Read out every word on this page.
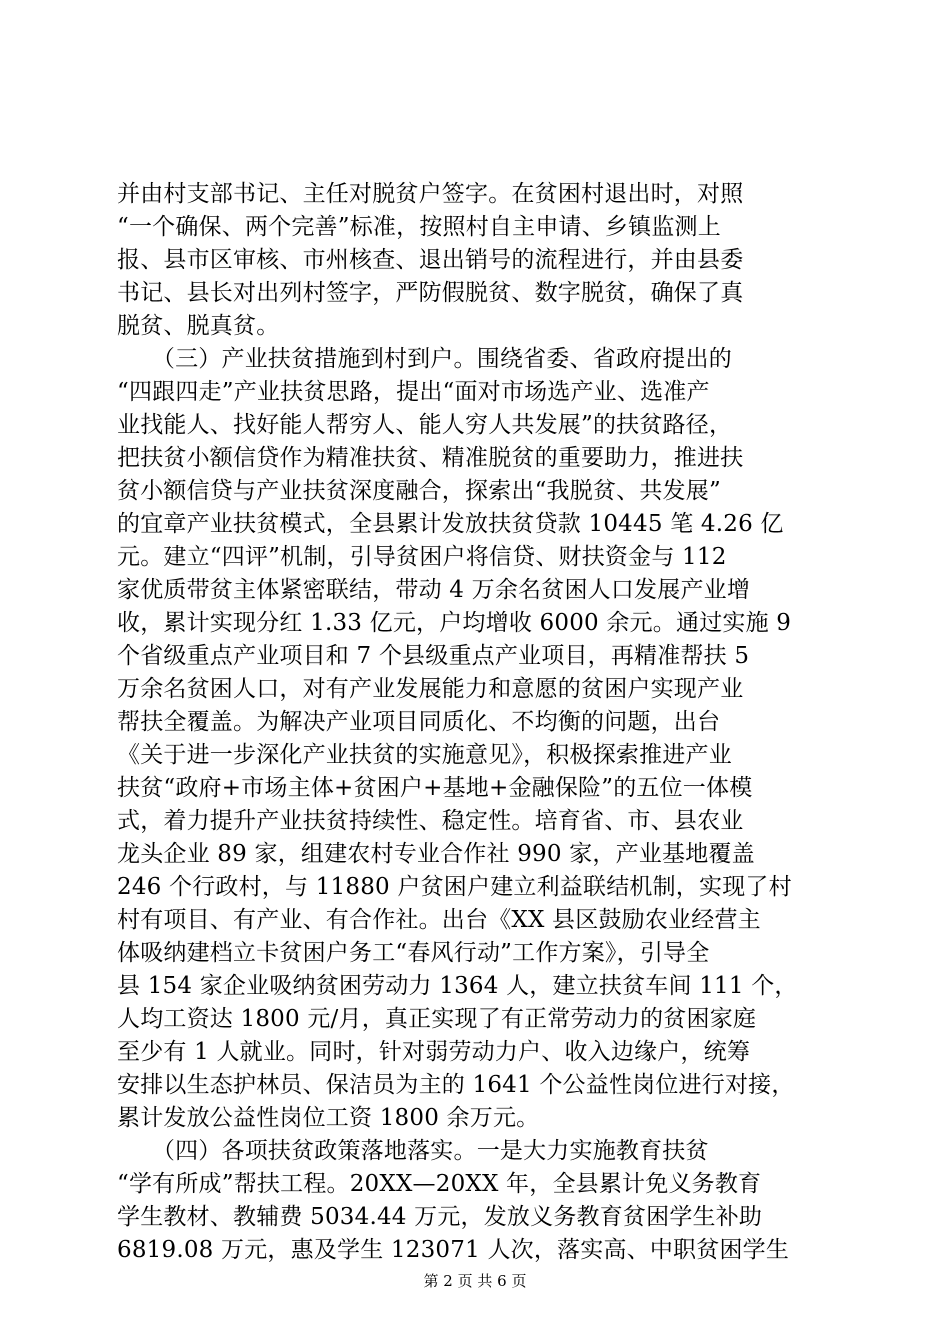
并由村支部书记、主任对脱贫户签字。在贫困村退出时，对照
“一个确保、两个完善”标准，按照村自主申请、乡镇监测上
报、县市区审核、市州核查、退出销号的流程进行，并由县委
书记、县长对出列村签字，严防假脱贫、数字脱贫，确保了真
脱贫、脱真贫。
　　（三）产业扶贫措施到村到户。围绕省委、省政府提出的
“四跟四走”产业扶贫思路，提出“面对市场选产业、选准产
业找能人、找好能人帮穷人、能人穷人共发展”的扶贫路径，
把扶贫小额信贷作为精准扶贫、精准脱贫的重要助力，推进扶
贫小额信贷与产业扶贫深度融合，探索出“我脱贫、共发展”
的宜章产业扶贫模式，全县累计发放扶贫贷款 10445 笔 4.26 亿
元。建立“四评”机制，引导贫困户将信贷、财扶资金与 112
家优质带贫主体紧密联结，带动 4 万余名贫困人口发展产业增
收，累计实现分红 1.33 亿元，户均增收 6000 余元。通过实施 9
个省级重点产业项目和 7 个县级重点产业项目，再精准帮扶 5
万余名贫困人口，对有产业发展能力和意愿的贫困户实现产业
帮扶全覆盖。为解决产业项目同质化、不均衡的问题，出台
《关于进一步深化产业扶贫的实施意见》，积极探索推进产业
扶贫“政府+市场主体+贫困户+基地+金融保险”的五位一体模
式，着力提升产业扶贫持续性、稳定性。培育省、市、县农业
龙头企业 89 家，组建农村专业合作社 990 家，产业基地覆盖
246 个行政村，与 11880 户贫困户建立利益联结机制，实现了村
村有项目、有产业、有合作社。出台《XX 县区鼓励农业经营主
体吸纳建档立卡贫困户务工“春风行动”工作方案》，引导全
县 154 家企业吸纳贫困劳动力 1364 人，建立扶贫车间 111 个，
人均工资达 1800 元/月，真正实现了有正常劳动力的贫困家庭
至少有 1 人就业。同时，针对弱劳动力户、收入边缘户，统筹
安排以生态护林员、保洁员为主的 1641 个公益性岗位进行对接，
累计发放公益性岗位工资 1800 余万元。
　　（四）各项扶贫政策落地落实。一是大力实施教育扶贫
“学有所成”帮扶工程。20XX—20XX 年，全县累计免义务教育
学生教材、教辅费 5034.44 万元，发放义务教育贫困学生补助
6819.08 万元，惠及学生 123071 人次，落实高、中职贫困学生
第 2 页 共 6 页
